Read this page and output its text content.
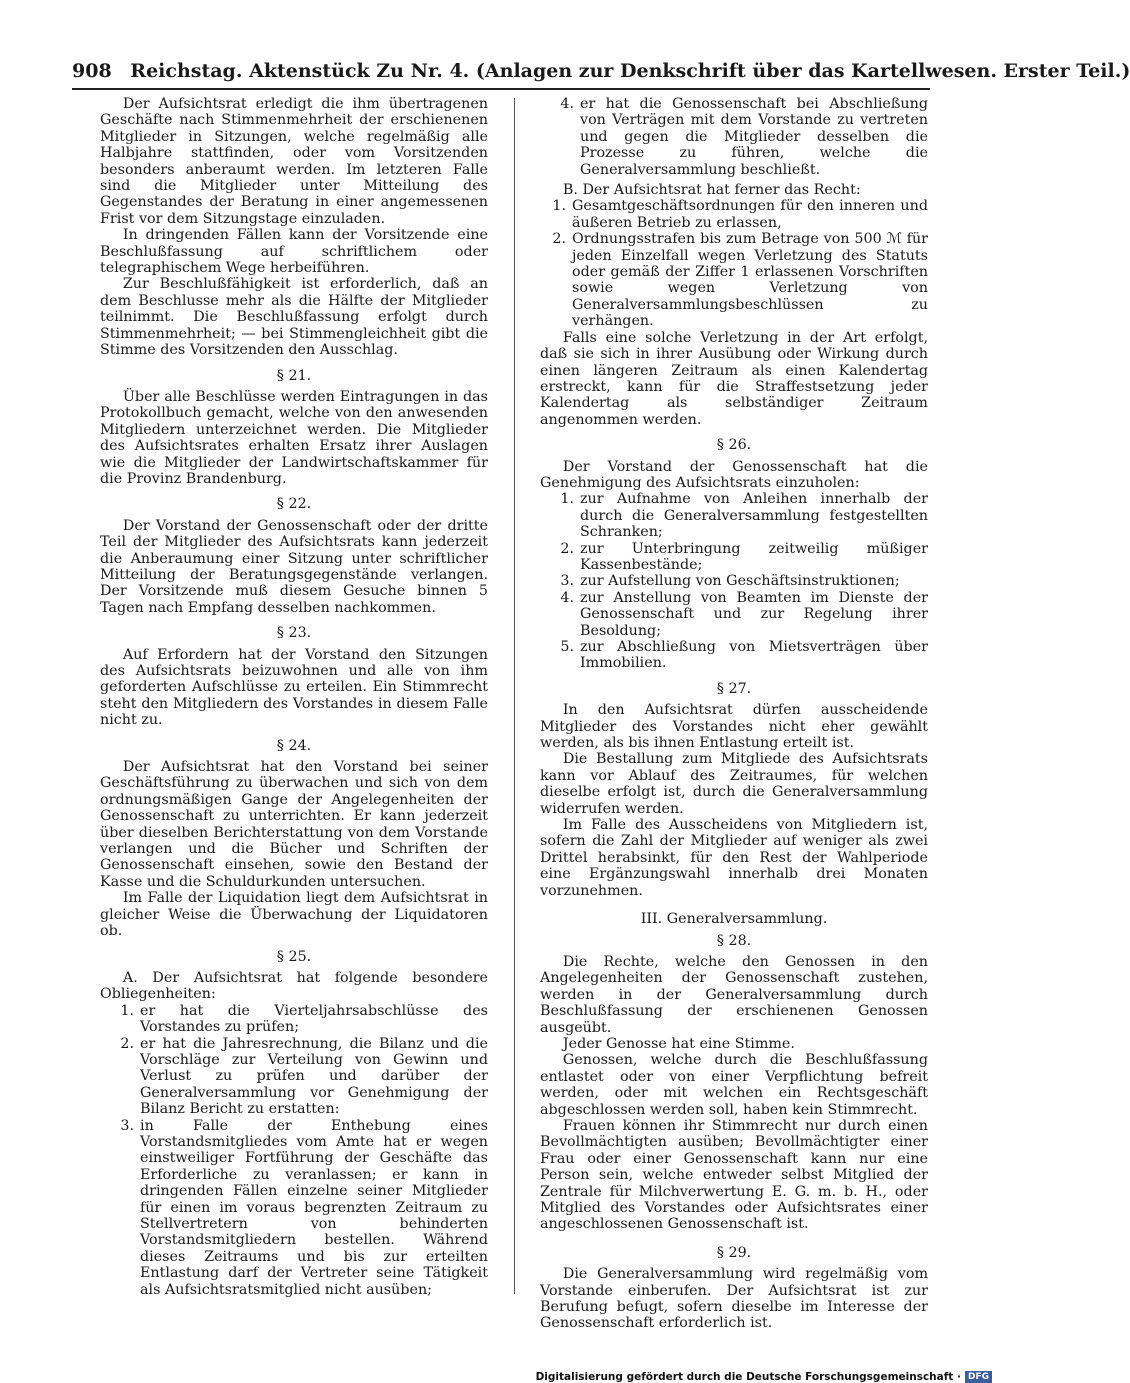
908 Reichstag. Aktenstück Zu Nr. 4. (Anlagen zur Denkschrift über das Kartellwesen. Erster Teil.)

Der Aufsichtsrat erledigt die ihm übertragenen Geschäfte nach Stimmenmehrheit der erschienenen Mitglieder in Sitzungen, welche regelmäßig alle Halbjahre stattfinden, oder vom Vorsitzenden besonders anberaumt werden. Im letzteren Falle sind die Mitglieder unter Mitteilung des Gegenstandes der Beratung in einer angemessenen Frist vor dem Sitzungstage einzuladen.

In dringenden Fällen kann der Vorsitzende eine Beschlußfassung auf schriftlichem oder telegraphischem Wege herbeiführen.

Zur Beschlußfähigkeit ist erforderlich, daß an dem Beschlusse mehr als die Hälfte der Mitglieder teilnimmt. Die Beschlußfassung erfolgt durch Stimmenmehrheit; — bei Stimmengleichheit gibt die Stimme des Vorsitzenden den Ausschlag.

§ 21.

Über alle Beschlüsse werden Eintragungen in das Protokollbuch gemacht, welche von den anwesenden Mitgliedern unterzeichnet werden. Die Mitglieder des Aufsichtsrates erhalten Ersatz ihrer Auslagen wie die Mitglieder der Landwirtschaftskammer für die Provinz Brandenburg.

§ 22.

Der Vorstand der Genossenschaft oder der dritte Teil der Mitglieder des Aufsichtsrats kann jederzeit die Anberaumung einer Sitzung unter schriftlicher Mitteilung der Beratungsgegenstände verlangen. Der Vorsitzende muß diesem Gesuche binnen 5 Tagen nach Empfang desselben nachkommen.

§ 23.

Auf Erfordern hat der Vorstand den Sitzungen des Aufsichtsrats beizuwohnen und alle von ihm geforderten Aufschlüsse zu erteilen. Ein Stimmrecht steht den Mitgliedern des Vorstandes in diesem Falle nicht zu.

§ 24.

Der Aufsichtsrat hat den Vorstand bei seiner Geschäftsführung zu überwachen und sich von dem ordnungsmäßigen Gange der Angelegenheiten der Genossenschaft zu unterrichten. Er kann jederzeit über dieselben Berichterstattung von dem Vorstande verlangen und die Bücher und Schriften der Genossenschaft einsehen, sowie den Bestand der Kasse und die Schuldurkunden untersuchen.

Im Falle der Liquidation liegt dem Aufsichtsrat in gleicher Weise die Überwachung der Liquidatoren ob.

§ 25.

A. Der Aufsichtsrat hat folgende besondere Obliegenheiten:

1. er hat die Vierteljahrsabschlüsse des Vorstandes zu prüfen;
2. er hat die Jahresrechnung, die Bilanz und die Vorschläge zur Verteilung von Gewinn und Verlust zu prüfen und darüber der Generalversammlung vor Genehmigung der Bilanz Bericht zu erstatten:
3. in Falle der Enthebung eines Vorstandsmitgliedes vom Amte hat er wegen einstweiliger Fortführung der Geschäfte das Erforderliche zu veranlassen; er kann in dringenden Fällen einzelne seiner Mitglieder für einen im voraus begrenzten Zeitraum zu Stellvertretern von behinderten Vorstandsmitgliedern bestellen. Während dieses Zeitraums und bis zur erteilten Entlastung darf der Vertreter seine Tätigkeit als Aufsichtsratsmitglied nicht ausüben;
4. er hat die Genossenschaft bei Abschließung von Verträgen mit dem Vorstande zu vertreten und gegen die Mitglieder desselben die Prozesse zu führen, welche die Generalversammlung beschließt.

B. Der Aufsichtsrat hat ferner das Recht:

1. Gesamtgeschäftsordnungen für den inneren und äußeren Betrieb zu erlassen,
2. Ordnungsstrafen bis zum Betrage von 500 ℳ für jeden Einzelfall wegen Verletzung des Statuts oder gemäß der Ziffer 1 erlassenen Vorschriften sowie wegen Verletzung von Generalversammlungsbeschlüssen zu verhängen.

Falls eine solche Verletzung in der Art erfolgt, daß sie sich in ihrer Ausübung oder Wirkung durch einen längeren Zeitraum als einen Kalendertag erstreckt, kann für die Straffestsetzung jeder Kalendertag als selbständiger Zeitraum angenommen werden.

§ 26.

Der Vorstand der Genossenschaft hat die Genehmigung des Aufsichtsrats einzuholen:

1. zur Aufnahme von Anleihen innerhalb der durch die Generalversammlung festgestellten Schranken;
2. zur Unterbringung zeitweilig müßiger Kassenbestände;
3. zur Aufstellung von Geschäftsinstruktionen;
4. zur Anstellung von Beamten im Dienste der Genossenschaft und zur Regelung ihrer Besoldung;
5. zur Abschließung von Mietsverträgen über Immobilien.
§ 27.

In den Aufsichtsrat dürfen ausscheidende Mitglieder des Vorstandes nicht eher gewählt werden, als bis ihnen Entlastung erteilt ist.

Die Bestallung zum Mitgliede des Aufsichtsrats kann vor Ablauf des Zeitraumes, für welchen dieselbe erfolgt ist, durch die Generalversammlung widerrufen werden.

Im Falle des Ausscheidens von Mitgliedern ist, sofern die Zahl der Mitglieder auf weniger als zwei Drittel herabsinkt, für den Rest der Wahlperiode eine Ergänzungswahl innerhalb drei Monaten vorzunehmen.

III. Generalversammlung.
§ 28.

Die Rechte, welche den Genossen in den Angelegenheiten der Genossenschaft zustehen, werden in der Generalversammlung durch Beschlußfassung der erschienenen Genossen ausgeübt.

Jeder Genosse hat eine Stimme.

Genossen, welche durch die Beschlußfassung entlastet oder von einer Verpflichtung befreit werden, oder mit welchen ein Rechtsgeschäft abgeschlossen werden soll, haben kein Stimmrecht.

Frauen können ihr Stimmrecht nur durch einen Bevollmächtigten ausüben; Bevollmächtigter einer Frau oder einer Genossenschaft kann nur eine Person sein, welche entweder selbst Mitglied der Zentrale für Milchverwertung E. G. m. b. H., oder Mitglied des Vorstandes oder Aufsichtsrates einer angeschlossenen Genossenschaft ist.

§ 29.

Die Generalversammlung wird regelmäßig vom Vorstande einberufen. Der Aufsichtsrat ist zur Berufung befugt, sofern dieselbe im Interesse der Genossenschaft erforderlich ist.

Digitalisierung gefördert durch die Deutsche Forschungsgemeinschaft · DFG
